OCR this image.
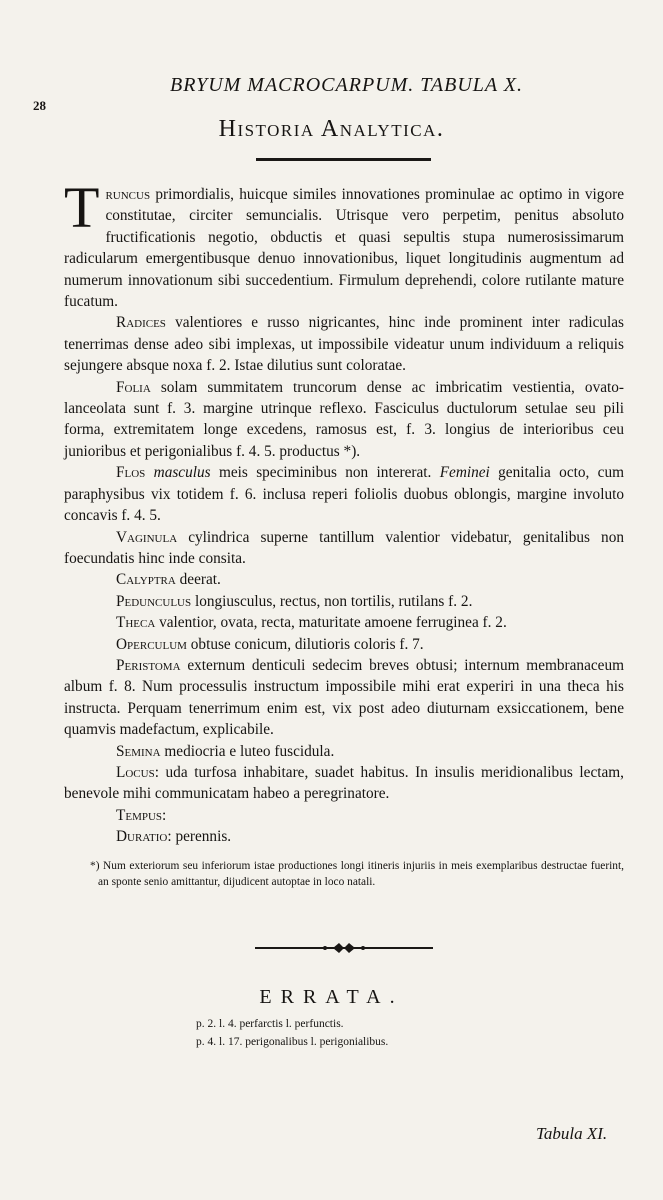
28
BRYUM MACROCARPUM. TABULA X.
Historia Analytica.

Truncus primordialis, huicque similes innovationes prominulae ac optimo in vigore constitutae, circiter semuncialis. Utrisque vero perpetim, penitus absoluto fructificationis negotio, obductis et quasi sepultis stupa numerosissimarum radicularum emergentibusque denuo innovationibus, liquet longitudinis augmentum ad numerum innovationum sibi succedentium. Firmulum deprehendi, colore rutilante mature fucatum.

Radices valentiores e russo nigricantes, hinc inde prominent inter radiculas tenerrimas dense adeo sibi implexas, ut impossibile videatur unum individuum a reliquis sejungere absque noxa f. 2. Istae dilutius sunt coloratae.

Folia solam summitatem truncorum dense ac imbricatim vestientia, ovato-lanceolata sunt f. 3. margine utrinque reflexo. Fasciculus ductulorum setulae seu pili forma, extremitatem longe excedens, ramosus est, f. 3. longius de interioribus ceu junioribus et perigonialibus f. 4. 5. productus *).

Flos masculus meis speciminibus non intererat. Feminei genitalia octo, cum paraphysibus vix totidem f. 6. inclusa reperi foliolis duobus oblongis, margine involuto concavis f. 4. 5.

Vaginula cylindrica superne tantillum valentior videbatur, genitalibus non foecundatis hinc inde consita.

Calyptra deerat.

Pedunculus longiusculus, rectus, non tortilis, rutilans f. 2.

Theca valentior, ovata, recta, maturitate amoene ferruginea f. 2.

Operculum obtuse conicum, dilutioris coloris f. 7.

Peristoma externum denticuli sedecim breves obtusi; internum membranaceum album f. 8. Num processulis instructum impossibile mihi erat experiri in una theca his instructa. Perquam tenerrimum enim est, vix post adeo diuturnam exsiccationem, bene quamvis madefactum, explicabile.

Semina mediocria e luteo fuscidula.

Locus: uda turfosa inhabitare, suadet habitus. In insulis meridionalibus lectam, benevole mihi communicatam habeo a peregrinatore.

Tempus:

Duratio: perennis.

*) Num exteriorum seu inferiorum istae productiones longi itineris injuriis in meis exemplaribus destructae fuerint, an sponte senio amittantur, dijudicent autoptae in loco natali.

ERRATA.
p. 2. l. 4. perfarctis l. perfunctis.
p. 4. l. 17. perigonalibus l. perigonialibus.
Tabula XI.
